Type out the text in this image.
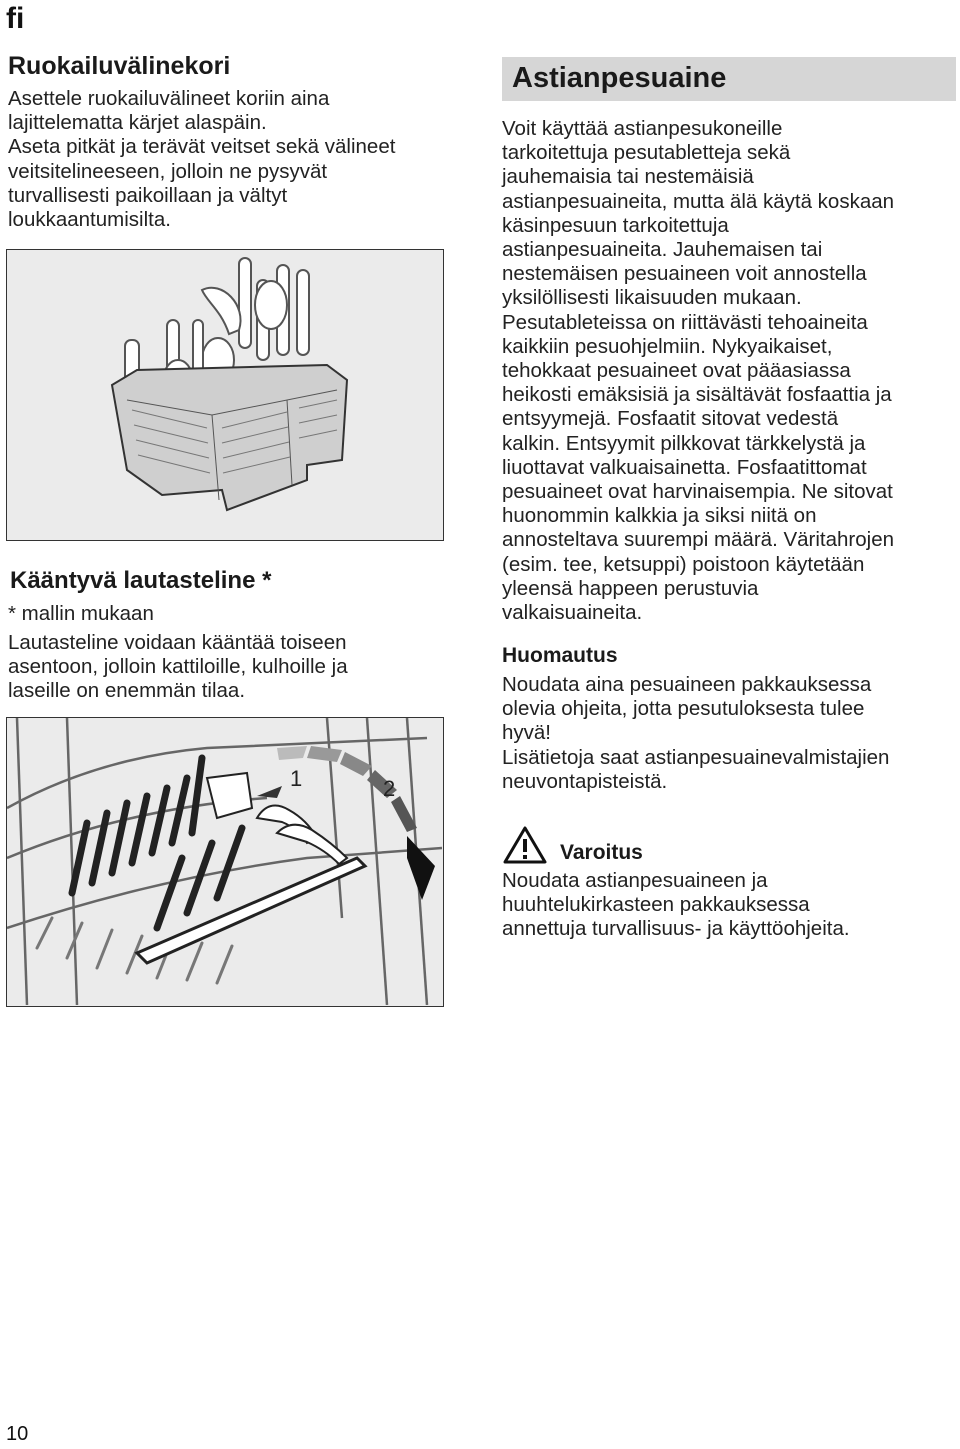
fi
Ruokailuvälinekori
Asettele ruokailuvälineet koriin aina
lajittelematta kärjet alaspäin.
Aseta pitkät ja terävät veitset sekä välineet
veitsitelineeseen, jolloin ne pysyvät
turvallisesti paikoillaan ja vältyt
loukkaantumisilta.
Kääntyvä lautasteline *
* mallin mukaan
Lautasteline voidaan kääntää toiseen
asentoon, jolloin kattiloille, kulhoille ja
laseille on enemmän tilaa.
1	2
Astianpesuaine
Voit käyttää astianpesukoneille
tarkoitettuja pesutabletteja sekä
jauhemaisia tai nestemäisiä
astianpesuaineita, mutta älä käytä koskaan
käsinpesuun tarkoitettuja
astianpesuaineita. Jauhemaisen tai
nestemäisen pesuaineen voit annostella
yksilöllisesti likaisuuden mukaan.
Pesutableteissa on riittävästi tehoaineita
kaikkiin pesuohjelmiin. Nykyaikaiset,
tehokkaat pesuaineet ovat pääasiassa
heikosti emäksisiä ja sisältävät fosfaattia ja
entsyymejä. Fosfaatit sitovat vedestä
kalkin. Entsyymit pilkkovat tärkkelystä ja
liuottavat valkuaisainetta. Fosfaatittomat
pesuaineet ovat harvinaisempia. Ne sitovat
huonommin kalkkia ja siksi niitä on
annosteltava suurempi määrä. Väritahrojen
(esim. tee, ketsuppi) poistoon käytetään
yleensä happeen perustuvia
valkaisuaineita.
Huomautus
Noudata aina pesuaineen pakkauksessa
olevia ohjeita, jotta pesutuloksesta tulee
hyvä!
Lisätietoja saat astianpesuainevalmistajien
neuvontapisteistä.
Varoitus
Noudata astianpesuaineen ja
huuhtelukirkasteen pakkauksessa
annettuja turvallisuus- ja käyttöohjeita.
10
